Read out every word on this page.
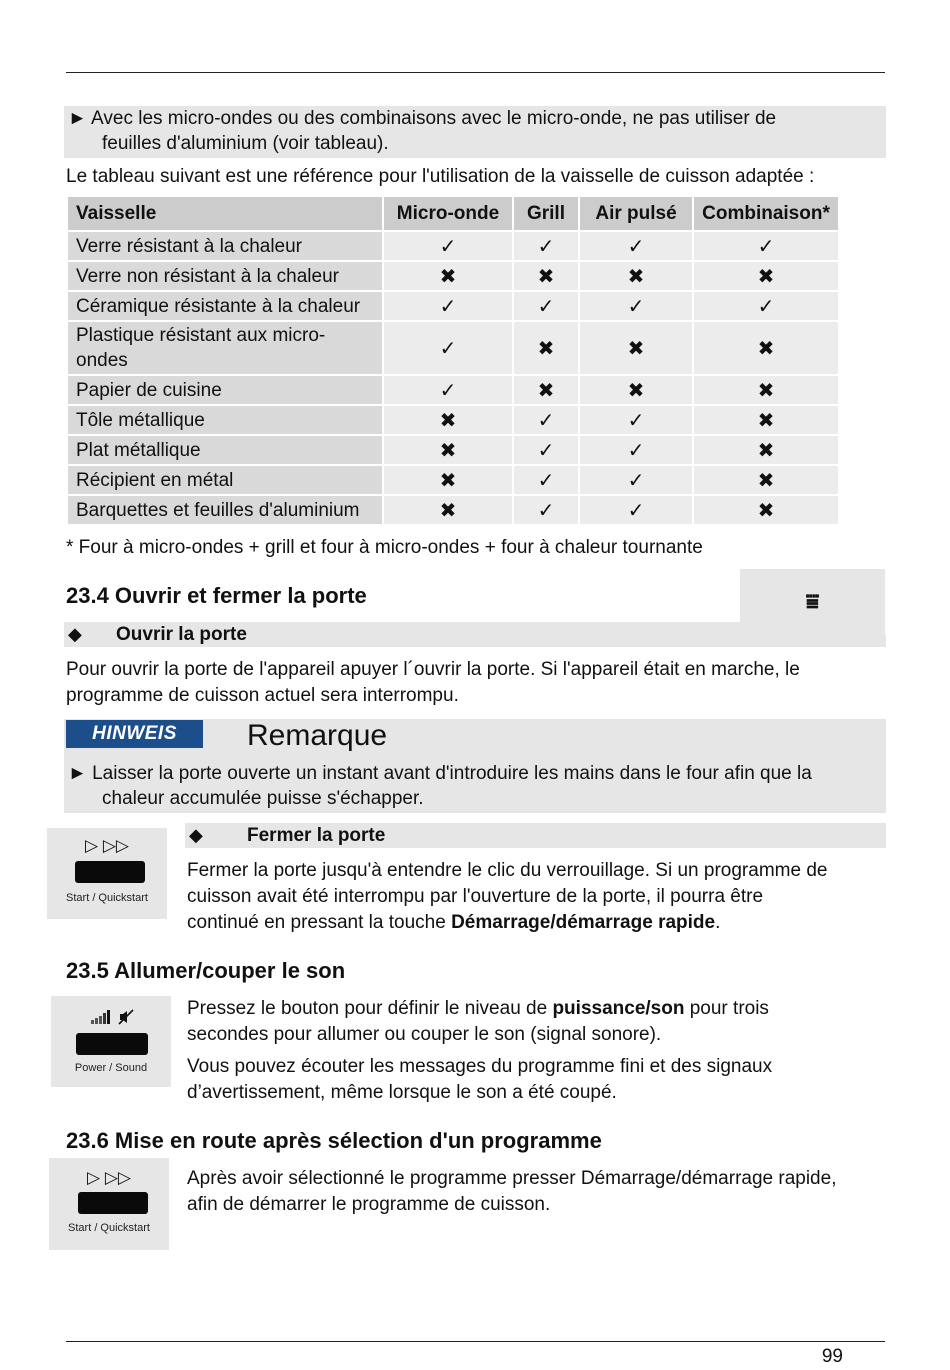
► Avec les micro-ondes ou des combinaisons avec le micro-onde, ne pas utiliser de
feuilles d'aluminium (voir tableau).
Le tableau suivant est une référence pour l'utilisation de la vaisselle de cuisson adaptée :
Vaisselle	Micro-onde	Grill	Air pulsé	Combinaison*
Verre résistant à la chaleur	✓	✓	✓	✓
Verre non résistant à la chaleur	✖	✖	✖	✖
Céramique résistante à la chaleur	✓	✓	✓	✓
Plastique résistant aux micro-
ondes	✓	✖	✖	✖
Papier de cuisine	✓	✖	✖	✖
Tôle métallique	✖	✓	✓	✖
Plat métallique	✖	✓	✓	✖
Récipient en métal	✖	✓	✓	✖
Barquettes et feuilles d'aluminium	✖	✓	✓	✖
* Four à micro-ondes + grill et four à micro-ondes + four à chaleur tournante
23.4 Ouvrir et fermer la porte	⩸
◆ Ouvrir la porte
Pour ouvrir la porte de l'appareil apuyer l´ouvrir la porte. Si l'appareil était en marche, le
programme de cuisson actuel sera interrompu.
HINWEIS	Remarque
► Laisser la porte ouverte un instant avant d'introduire les mains dans le four afin que la
chaleur accumulée puisse s'échapper.
▷ ▷▷
Start / Quickstart
◆ Fermer la porte
Fermer la porte jusqu'à entendre le clic du verrouillage. Si un programme de
cuisson avait été interrompu par l'ouverture de la porte, il pourra être
continué en pressant la touche Démarrage/démarrage rapide.
23.5 Allumer/couper le son
Power / Sound
Pressez le bouton pour définir le niveau de puissance/son pour trois
secondes pour allumer ou couper le son (signal sonore).
Vous pouvez écouter les messages du programme fini et des signaux
d’avertissement, même lorsque le son a été coupé.
23.6 Mise en route après sélection d'un programme
▷ ▷▷
Start / Quickstart
Après avoir sélectionné le programme presser Démarrage/démarrage rapide,
afin de démarrer le programme de cuisson.
99
